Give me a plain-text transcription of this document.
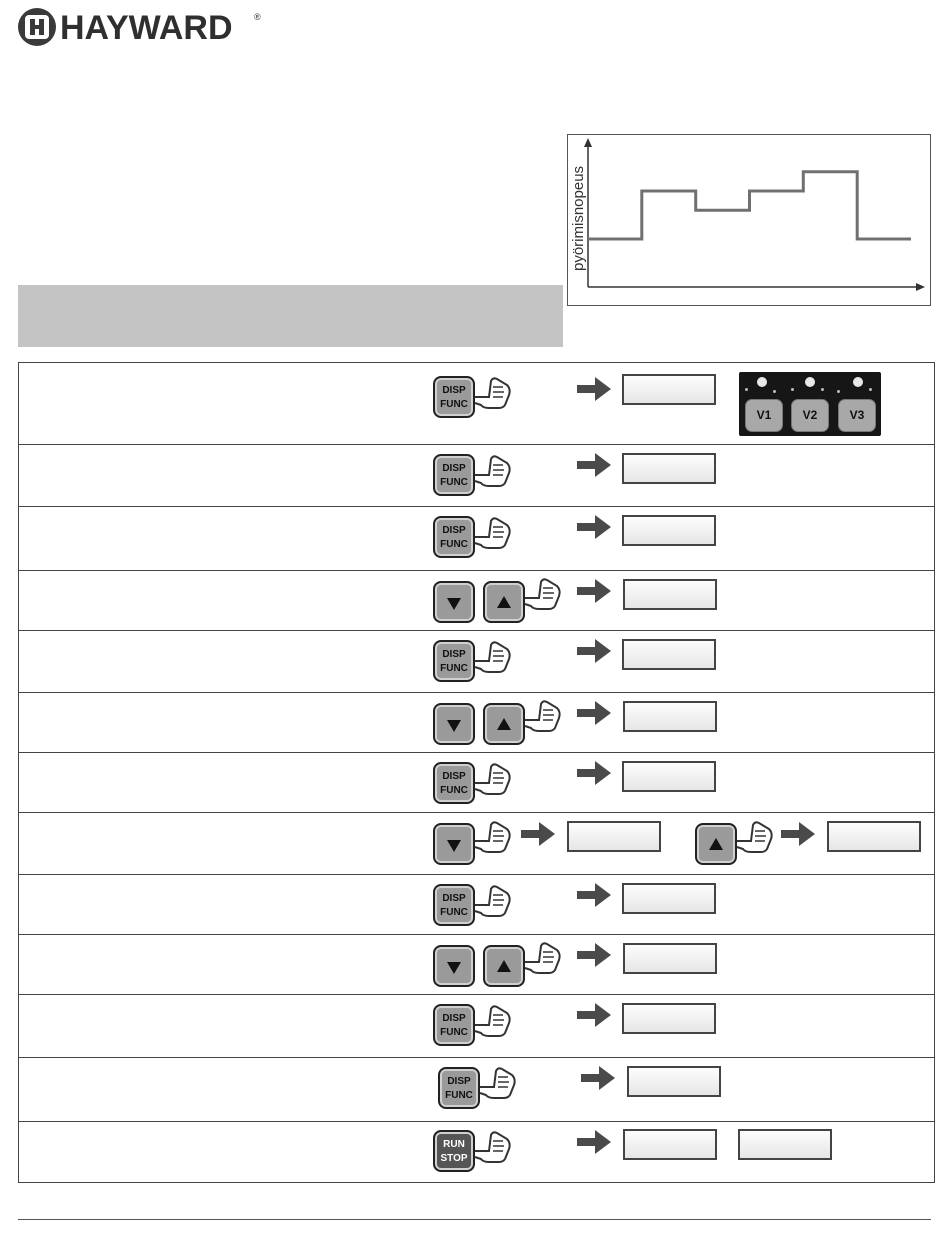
HAYWARD ®
pyörimisnopeus
DISP
FUNC
V1	V2	V3
DISP
FUNC
DISP
FUNC
DISP
FUNC
DISP
FUNC
DISP
FUNC
DISP
FUNC
DISP
FUNC
RUN
STOP
